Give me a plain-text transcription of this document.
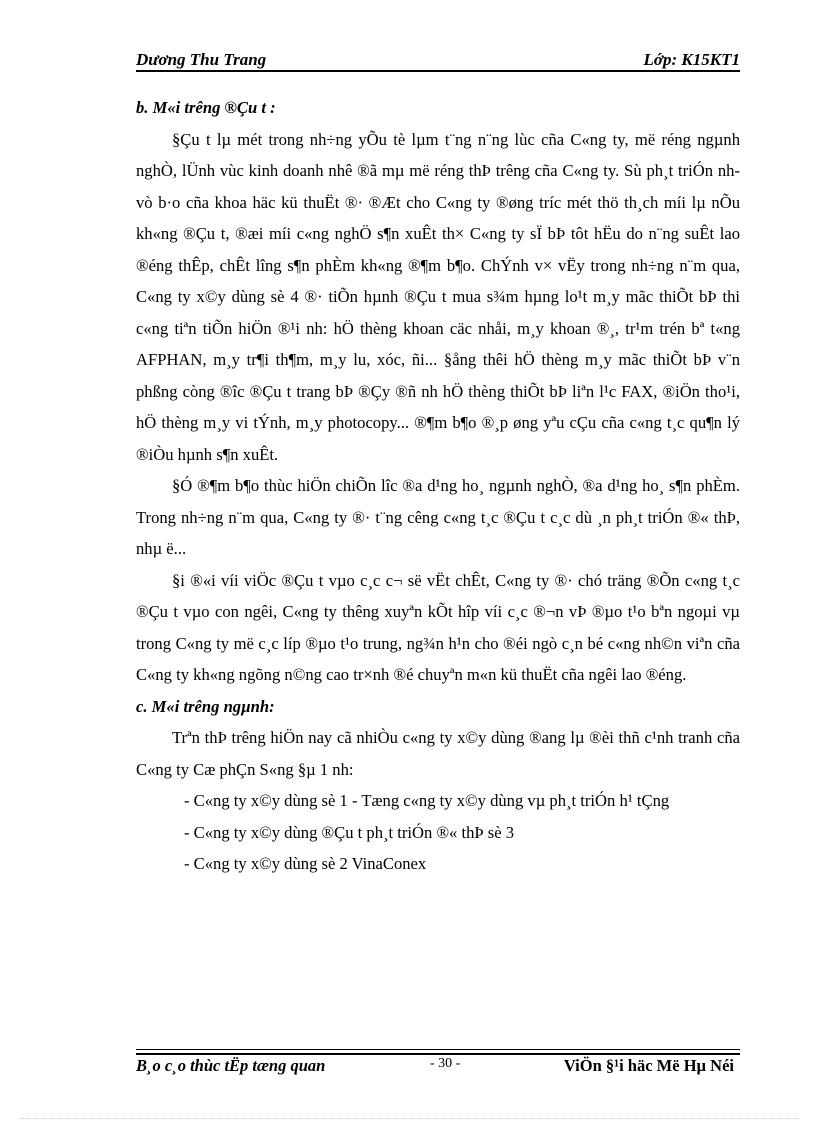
Dương Thu Trang	Lớp: K15KT1

b. M«i trêng ®Çu t :

§Çu t lµ mét trong nh÷ng yÕu tè lµm t¨ng n¨ng lùc cña C«ng ty, më réng ngµnh nghÒ, lÜnh vùc kinh doanh nhê ®ã mµ më réng thÞ trêng cña C«ng ty. Sù ph¸t triÓn nh vò b·o cña khoa häc kü thuËt ®· ®Æt cho C«ng ty ®øng tríc mét thö th¸ch míi lµ nÕu kh«ng ®Çu t, ®æi míi c«ng nghÖ s¶n xuÊt th× C«ng ty sÏ bÞ tôt hËu do n¨ng suÊt lao ®éng thÊp, chÊt lîng s¶n phÈm kh«ng ®¶m b¶o. ChÝnh v× vËy trong nh÷ng n¨m qua, C«ng ty x©y dùng sè 4 ®· tiÕn hµnh ®Çu t mua s¾m hµng lo¹t m¸y mãc thiÕt bÞ thi c«ng tiªn tiÕn hiÖn ®¹i nh: hÖ thèng khoan cäc nhåi, m¸y khoan ®¸, tr¹m trén bª t«ng AFPHAN, m¸y tr¶i th¶m, m¸y lu, xóc, ñi... §ång thêi hÖ thèng m¸y mãc thiÕt bÞ v¨n phßng còng ®îc ®Çu t trang bÞ ®Çy ®ñ nh hÖ thèng thiÕt bÞ liªn l¹c FAX, ®iÖn tho¹i, hÖ thèng m¸y vi tÝnh, m¸y photocopy... ®¶m b¶o ®¸p øng yªu cÇu cña c«ng t¸c qu¶n lý ®iÒu hµnh s¶n xuÊt.

§Ó ®¶m b¶o thùc hiÖn chiÕn lîc ®a d¹ng ho¸ ngµnh nghÒ, ®a d¹ng ho¸ s¶n phÈm. Trong nh÷ng n¨m qua, C«ng ty ®· t¨ng cêng c«ng t¸c ®Çu t c¸c dù ¸n ph¸t triÓn ®« thÞ, nhµ ë...

§i ®«i víi viÖc ®Çu t vµo c¸c c¬ së vËt chÊt, C«ng ty ®· chó träng ®Õn c«ng t¸c ®Çu t vµo con ngêi, C«ng ty thêng xuyªn kÕt hîp víi c¸c ®¬n vÞ ®µo t¹o bªn ngoµi vµ trong C«ng ty më c¸c líp ®µo t¹o trung, ng¾n h¹n cho ®éi ngò c¸n bé c«ng nh©n viªn cña C«ng ty kh«ng ngõng n©ng cao tr×nh ®é chuyªn m«n kü thuËt cña ngêi lao ®éng.

c. M«i trêng ngµnh:

Trªn thÞ trêng hiÖn nay cã nhiÒu c«ng ty x©y dùng ®ang lµ ®èi thñ c¹nh tranh cña C«ng ty Cæ phÇn S«ng §µ 1 nh:

- C«ng ty x©y dùng sè 1 - Tæng c«ng ty x©y dùng vµ ph¸t triÓn h¹ tÇng

- C«ng ty x©y dùng ®Çu t ph¸t triÓn ®« thÞ sè 3

- C«ng ty x©y dùng sè 2 VinaConex

B¸o c¸o thùc tËp tæng quan	- 30 -	ViÖn §¹i häc Më Hµ Néi
